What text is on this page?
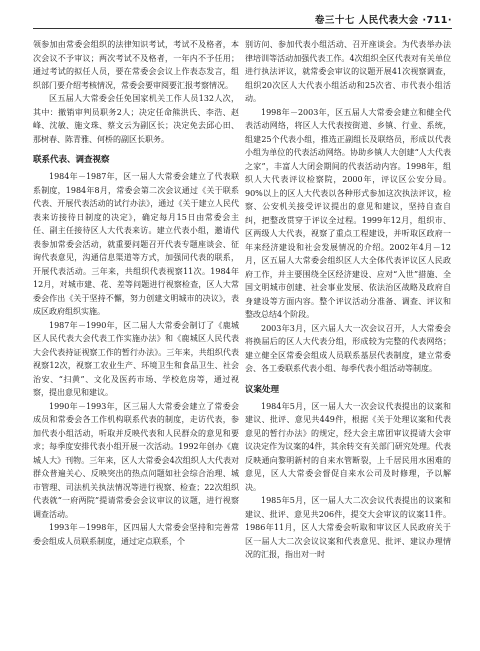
卷三十七 人民代表大会 ·711·

领参加由常委会组织的法律知识考试，考试不及格者，本次会议不予审议；两次考试不及格者，一年内不予任用；通过考试的拟任人员，要在常委会会议上作表态发言，组织部门要介绍考核情况，常委会要审阅要汇报考察情况。

区五届人大常委会任免国家机关工作人员132人次，其中：撤销审判员职务2人；决定任命熊洪氏、李浩、赵峰、沈敏、施文珠、蔡文云为副区长；决定免去邱心田、那树春、陈青雅、何桥的副区长职务。

联系代表、调查视察

1984年－1987年，区一届人大常委会建立了代表联系制度，1984年8月，常委会第二次会议通过《关于联系代表、开展代表活动的试行办法》，通过《关于建立人民代表来访接待日制度的决定》，确定每月15日由常委会主任、副主任接待区人大代表来访。建立代表小组，邀请代表参加常委会活动，就重要问题召开代表专题座谈会、征询代表意见，沟通信息渠道等方式，加强同代表的联系，开展代表活动。三年来，共组织代表视察11次。1984年12月，对城市建、花、差等问题进行视察检查，区人大常委会作出《关于坚持不懈，努力创建文明城市的决议》，表成区政府组织实施。

1987年－1990年，区二届人大常委会制订了《鹿城区人民代表大会代表工作实施办法》和《鹿城区人民代表大会代表持证视察工作的暂行办法》。三年来，共组织代表视察12次，视察工农业生产、环境卫生和食品卫生、社会治安、“扫黄”、文化及医药市场、学校危房等，通过视察，提出意见和建议。

1990年－1993年，区三届人大常委会建立了常委会成员和常委会各工作机构联系代表的制度，走访代表，参加代表小组活动，听取并反映代表和人民群众的意见和要求；每季度安排代表小组开展一次活动。1992年创办《鹿城人大》刊物。三年来，区人大常委会4次组织人大代表对群众普遍关心、反映突出的热点问题如社会综合治理、城市管理、司法机关执法情况等进行视察、检查；22次组织代表就“一府两院”提请常委会会议审议的议题，进行视察调查活动。

1993年－1998年，区四届人大常委会坚持和完善常委会组成人员联系制度，通过定点联系，个

别访问、参加代表小组活动、召开座谈会。为代表举办法律培训等活动加强代表工作。4次组织全区代表对有关单位进行执法评议，就常委会审议的议题开展41次视察调查，组织20次区人大代表小组活动和25次省、市代表小组活动。

1998年－2003年，区五届人大常委会建立和健全代表活动网络，将区人大代表按街道、乡镇、行业、系统，组建25个代表小组，推选正副组长及联络员，形成以代表小组为单位的代表活动网络。协助乡镇人大创建“人大代表之家”，丰富人大闭会期间的代表活动内容。1998年，组织人大代表评议检察院，2000年，评议区公安分局。90%以上的区人大代表以各种形式参加这次执法评议，检察、公安机关接受评议提出的意见和建议，坚持自查自纠，把整改贯穿于评议全过程。1999年12月，组织市、区两级人大代表，视察了重点工程建设，并听取区政府一年来经济建设和社会发展情况的介绍。2002年4月－12月，区五届人大常委会组织区人大全体代表评议区人民政府工作，并主要围绕全区经济建设、应对“入世”措施、全国文明城市创建、社会事业发展、依法治区战略及政府自身建设等方面内容。整个评议活动分准备、调查、评议和整改总结4个阶段。

2003年3月，区六届人大一次会议召开，人大常委会将换届后的区人大代表分组，形成较为完整的代表网络；建立健全区常委会组成人员联系基层代表制度，建立常委会、各工委联系代表小组、每季代表小组活动等制度。

议案处理

1984年5月，区一届人大一次会议代表提出的议案和建议、批评、意见共449件，根据《关于处理议案和代表意见的暂行办法》的规定，经大会主席团审议提请大会审议决定作为议案的4件，其余转交有关部门研究处理。代表反映通向黎明新村的自来水管断裂，上千居民用水困难的意见，区人大常委会督促自来水公司及时修理，予以解决。

1985年5月，区一届人大二次会议代表提出的议案和建议、批评、意见共206件，提交大会审议的议案11件。1986年11月，区人大常委会听取和审议区人民政府关于区一届人大二次会议议案和代表意见、批评、建议办理情况的汇报，指出对一时
